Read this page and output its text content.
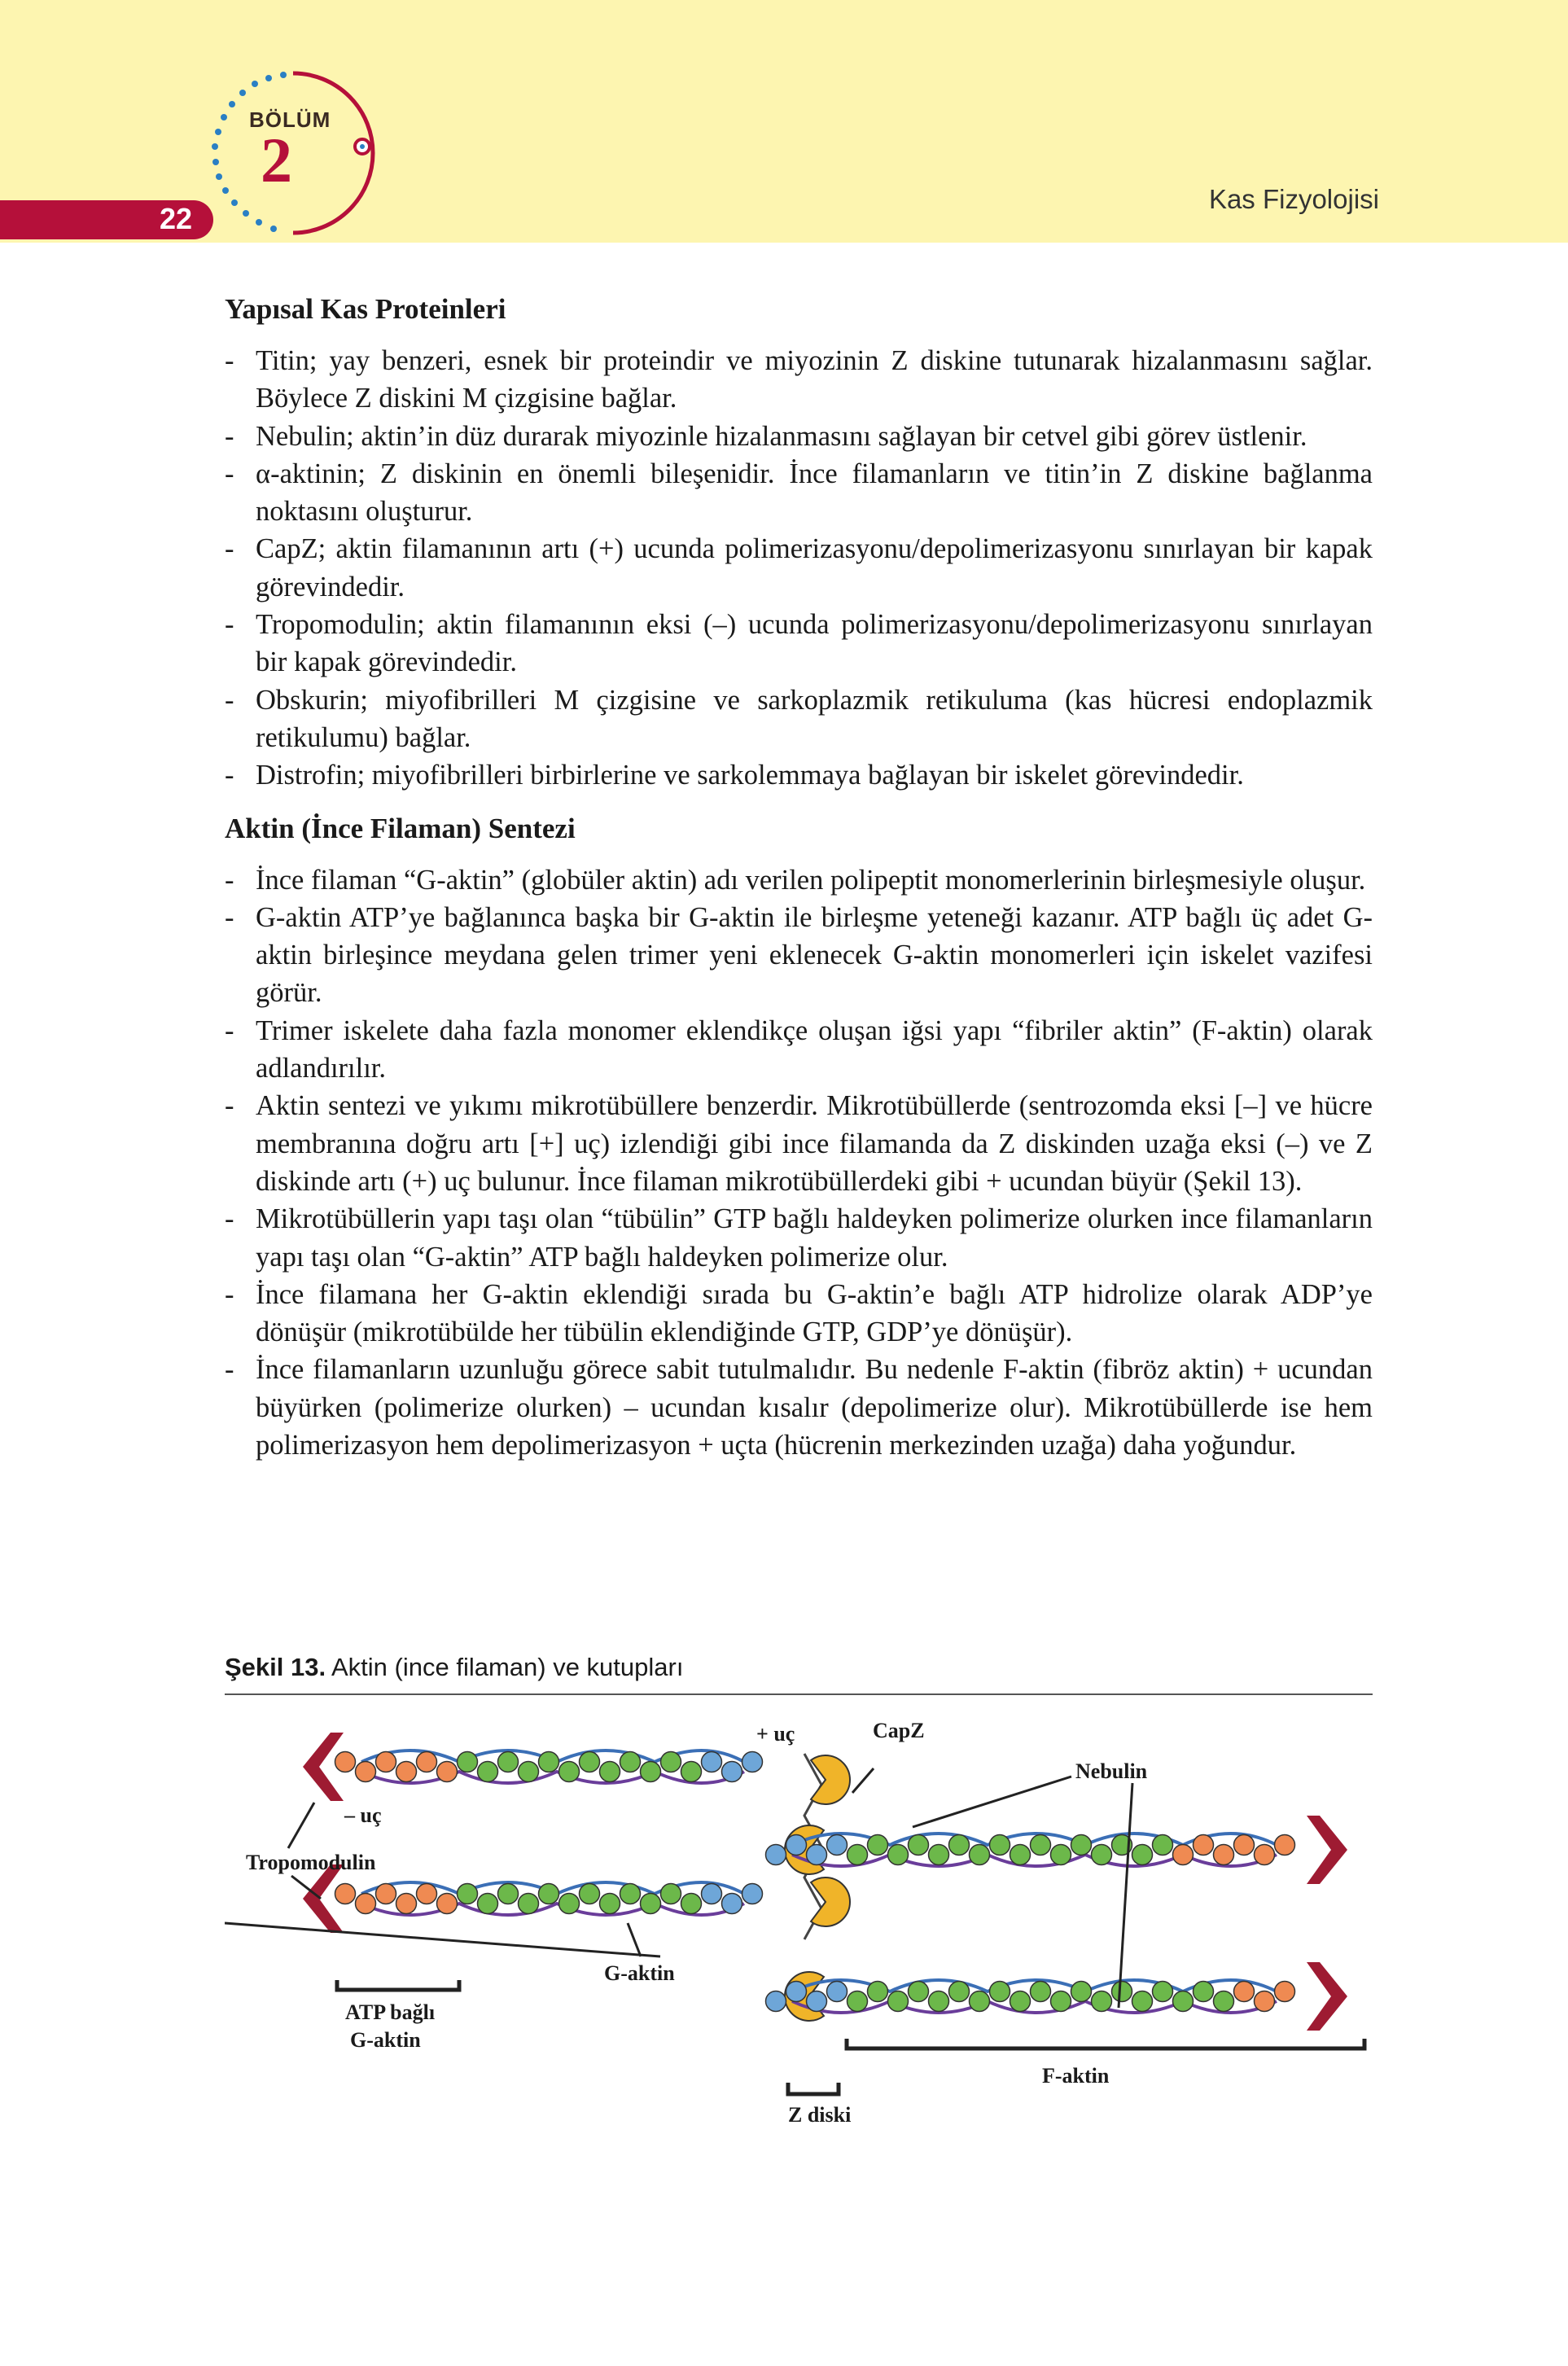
22
BÖLÜM
2
Kas Fizyolojisi
Yapısal Kas Proteinleri
- Titin; yay benzeri, esnek bir proteindir ve miyozinin Z diskine tutunarak hizalanmasını sağlar. Böylece Z diskini M çizgisine bağlar.
- Nebulin; aktin’in düz durarak miyozinle hizalanmasını sağlayan bir cetvel gibi görev üstlenir.
- α-aktinin; Z diskinin en önemli bileşenidir. İnce filamanların ve titin’in Z diskine bağlanma noktasını oluşturur.
- CapZ; aktin filamanının artı (+) ucunda polimerizasyonu/depolimerizasyonu sınırlayan bir kapak görevindedir.
- Tropomodulin; aktin filamanının eksi (–) ucunda polimerizasyonu/depolimerizasyonu sınırlayan bir kapak görevindedir.
- Obskurin; miyofibrilleri M çizgisine ve sarkoplazmik retikuluma (kas hücresi endoplazmik retikulumu) bağlar.
- Distrofin; miyofibrilleri birbirlerine ve sarkolemmaya bağlayan bir iskelet görevindedir.
Aktin (İnce Filaman) Sentezi
- İnce filaman “G-aktin” (globüler aktin) adı verilen polipeptit monomerlerinin birleşmesiyle oluşur.
- G-aktin ATP’ye bağlanınca başka bir G-aktin ile birleşme yeteneği kazanır. ATP bağlı üç adet G-aktin birleşince meydana gelen trimer yeni eklenecek G-aktin monomerleri için iskelet vazifesi görür.
- Trimer iskelete daha fazla monomer eklendikçe oluşan iğsi yapı “fibriler aktin” (F-aktin) olarak adlandırılır.
- Aktin sentezi ve yıkımı mikrotübüllere benzerdir. Mikrotübüllerde (sentrozomda eksi [–] ve hücre membranına doğru artı [+] uç) izlendiği gibi ince filamanda da Z diskinden uzağa eksi (–) ve Z diskinde artı (+) uç bulunur. İnce filaman mikrotübüllerdeki gibi + ucundan büyür (Şekil 13).
- Mikrotübüllerin yapı taşı olan “tübülin” GTP bağlı haldeyken polimerize olurken ince filamanların yapı taşı olan “G-aktin” ATP bağlı haldeyken polimerize olur.
- İnce filamana her G-aktin eklendiği sırada bu G-aktin’e bağlı ATP hidrolize olarak ADP’ye dönüşür (mikrotübülde her tübülin eklendiğinde GTP, GDP’ye dönüşür).
- İnce filamanların uzunluğu görece sabit tutulmalıdır. Bu nedenle F-aktin (fibröz aktin) + ucundan büyürken (polimerize olurken) – ucundan kısalır (depolimerize olur). Mikrotübüllerde ise hem polimerizasyon hem depolimerizasyon + uçta (hücrenin merkezinden uzağa) daha yoğundur.
Şekil 13. Aktin (ince filaman) ve kutupları
+ uç	CapZ
Nebulin
– uç
Tropomodulin
G-aktin
ATP bağlı
G-aktin
F-aktin
Z diski
